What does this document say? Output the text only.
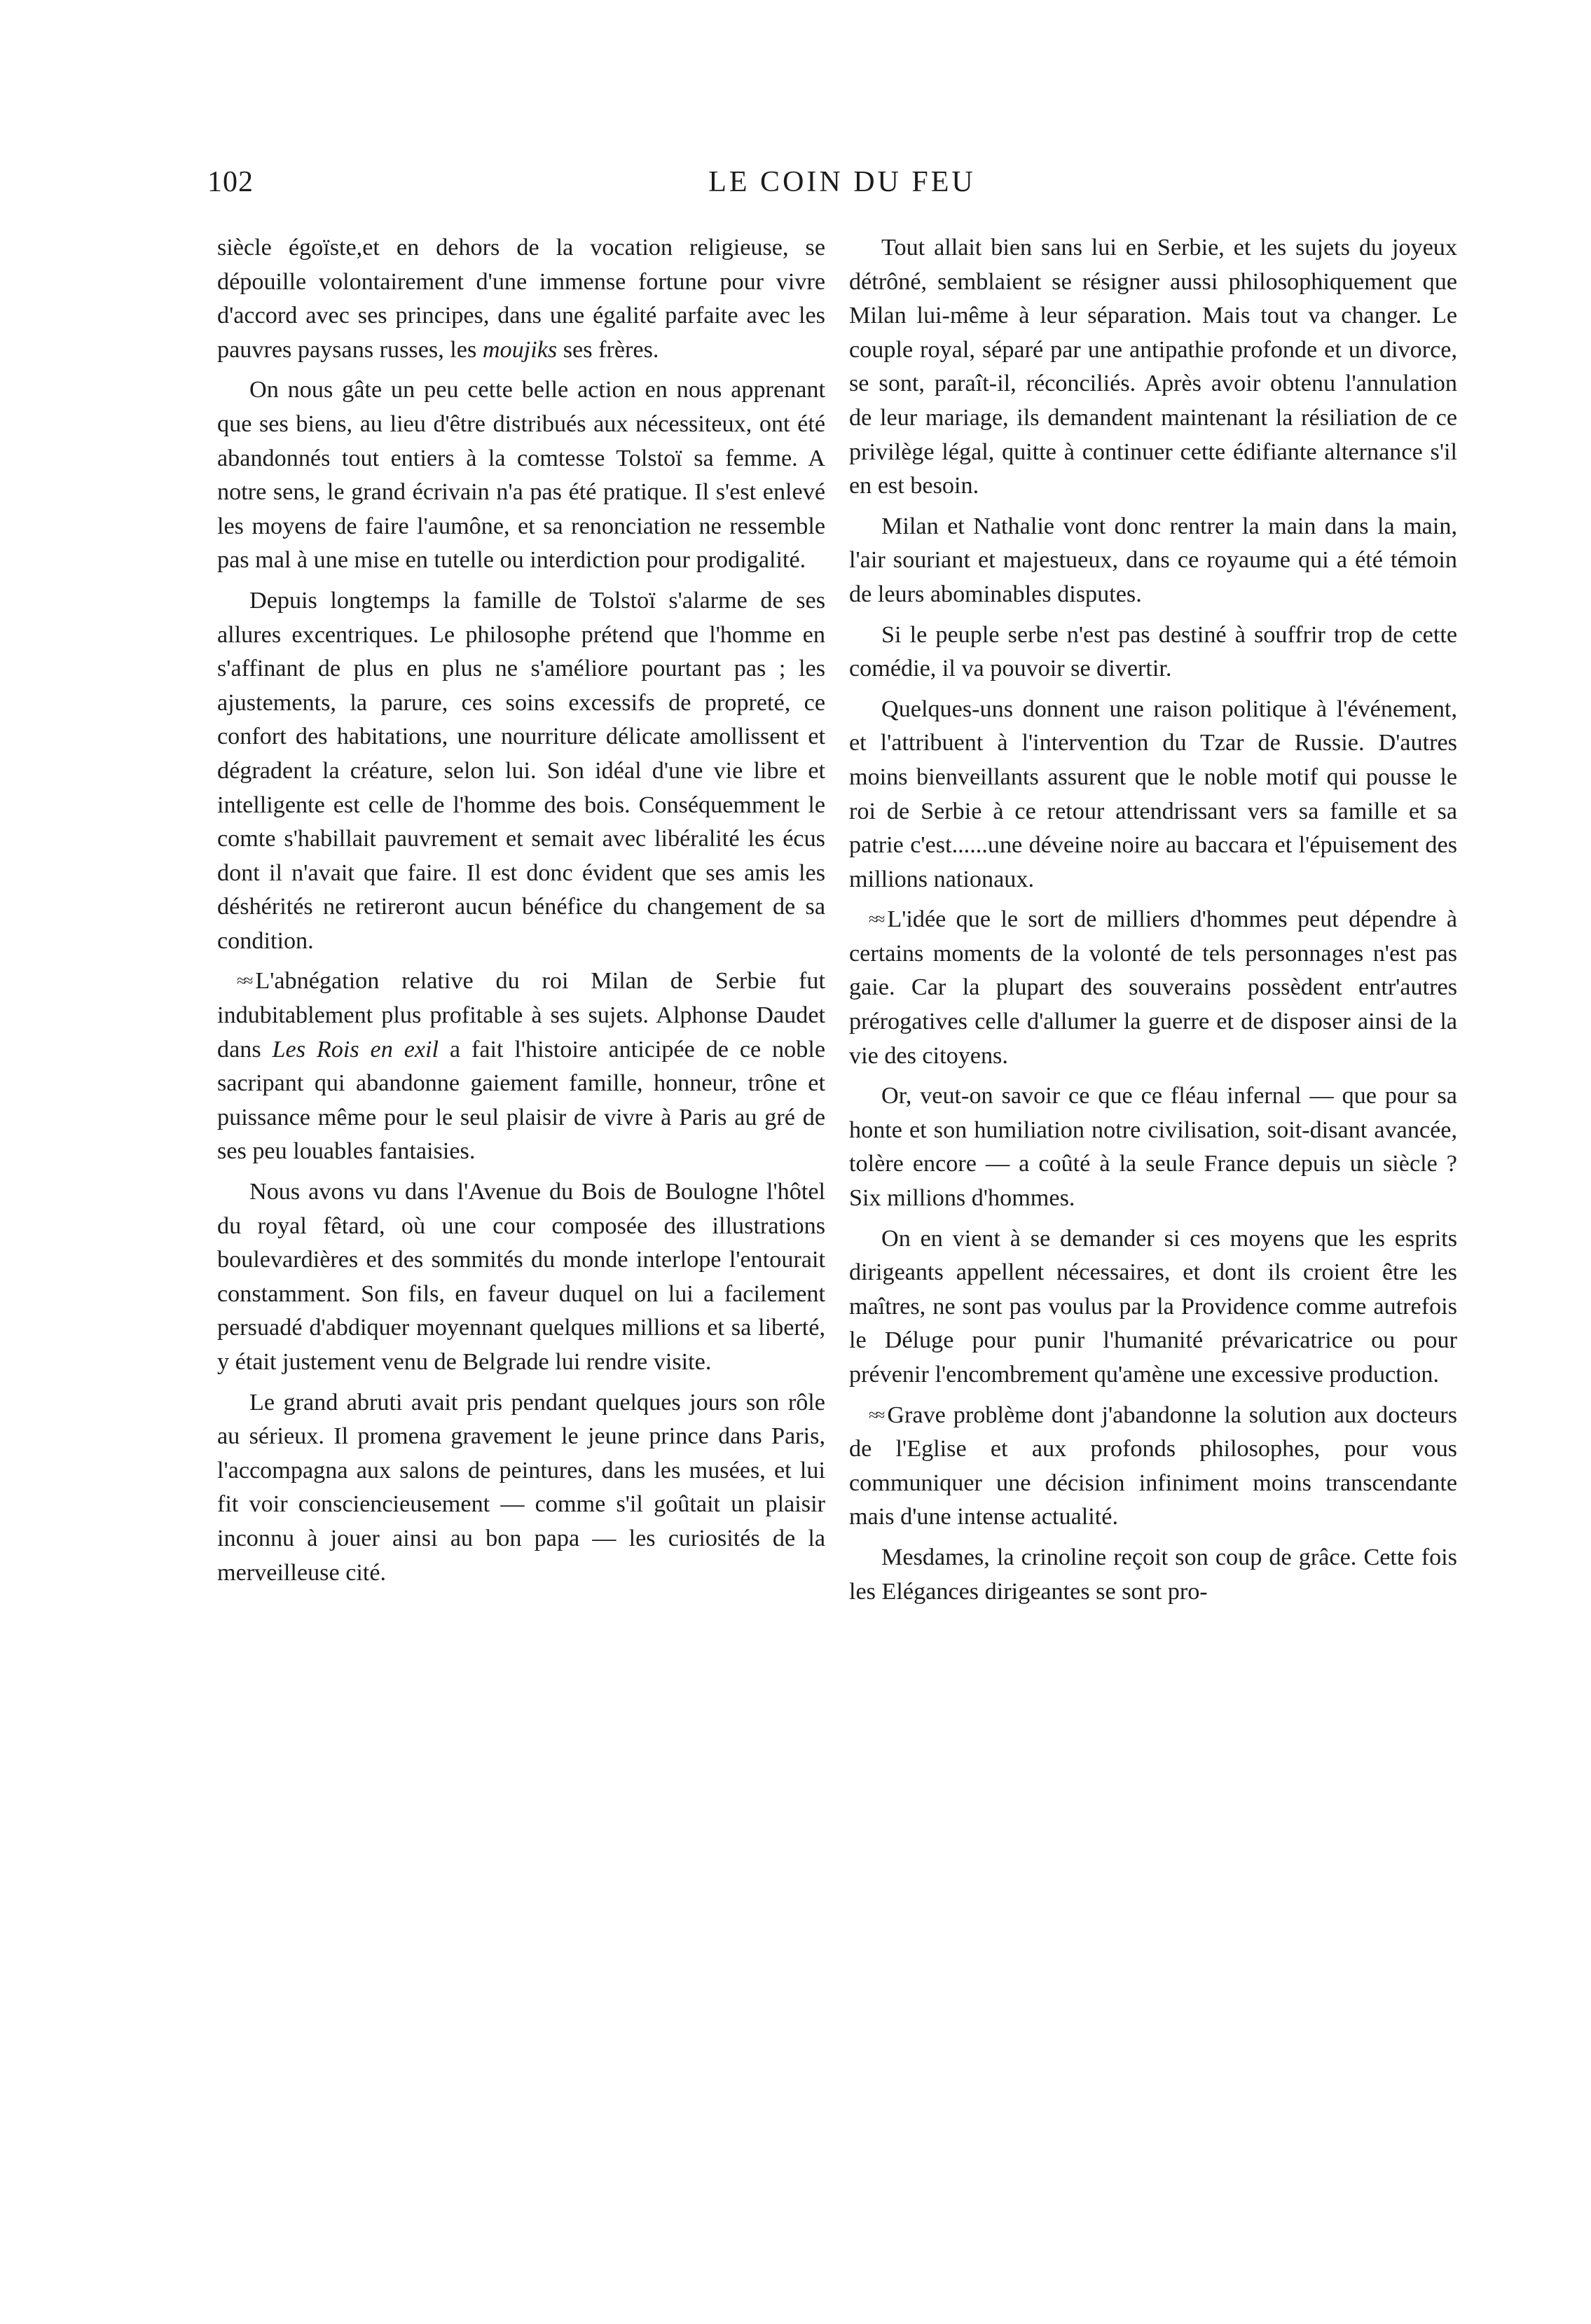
102	LE COIN DU FEU

siècle égoïste,et en dehors de la vocation religieuse, se dépouille volontairement d'une immense fortune pour vivre d'accord avec ses principes, dans une égalité parfaite avec les pauvres paysans russes, les moujiks ses frères.

On nous gâte un peu cette belle action en nous apprenant que ses biens, au lieu d'être distribués aux nécessiteux, ont été abandonnés tout entiers à la comtesse Tolstoï sa femme. A notre sens, le grand écrivain n'a pas été pratique. Il s'est enlevé les moyens de faire l'aumône, et sa renonciation ne ressemble pas mal à une mise en tutelle ou interdiction pour prodigalité.

Depuis longtemps la famille de Tolstoï s'alarme de ses allures excentriques. Le philosophe prétend que l'homme en s'affinant de plus en plus ne s'améliore pourtant pas ; les ajustements, la parure, ces soins excessifs de propreté, ce confort des habitations, une nourriture délicate amollissent et dégradent la créature, selon lui. Son idéal d'une vie libre et intelligente est celle de l'homme des bois. Conséquemment le comte s'habillait pauvrement et semait avec libéralité les écus dont il n'avait que faire. Il est donc évident que ses amis les déshérités ne retireront aucun bénéfice du changement de sa condition.

≈≈ L'abnégation relative du roi Milan de Serbie fut indubitablement plus profitable à ses sujets. Alphonse Daudet dans Les Rois en exil a fait l'histoire anticipée de ce noble sacripant qui abandonne gaiement famille, honneur, trône et puissance même pour le seul plaisir de vivre à Paris au gré de ses peu louables fantaisies.

Nous avons vu dans l'Avenue du Bois de Boulogne l'hôtel du royal fêtard, où une cour composée des illustrations boulevardières et des sommités du monde interlope l'entourait constamment. Son fils, en faveur duquel on lui a facilement persuadé d'abdiquer moyennant quelques millions et sa liberté, y était justement venu de Belgrade lui rendre visite.

Le grand abruti avait pris pendant quelques jours son rôle au sérieux. Il promena gravement le jeune prince dans Paris, l'accompagna aux salons de peintures, dans les musées, et lui fit voir consciencieusement — comme s'il goûtait un plaisir inconnu à jouer ainsi au bon papa — les curiosités de la merveilleuse cité.

Tout allait bien sans lui en Serbie, et les sujets du joyeux détrôné, semblaient se résigner aussi philosophiquement que Milan lui-même à leur séparation. Mais tout va changer. Le couple royal, séparé par une antipathie profonde et un divorce, se sont, paraît-il, réconciliés. Après avoir obtenu l'annulation de leur mariage, ils demandent maintenant la résiliation de ce privilège légal, quitte à continuer cette édifiante alternance s'il en est besoin.

Milan et Nathalie vont donc rentrer la main dans la main, l'air souriant et majestueux, dans ce royaume qui a été témoin de leurs abominables disputes.

Si le peuple serbe n'est pas destiné à souffrir trop de cette comédie, il va pouvoir se divertir.

Quelques-uns donnent une raison politique à l'événement, et l'attribuent à l'intervention du Tzar de Russie. D'autres moins bienveillants assurent que le noble motif qui pousse le roi de Serbie à ce retour attendrissant vers sa famille et sa patrie c'est......une déveine noire au baccara et l'épuisement des millions nationaux.

≈≈ L'idée que le sort de milliers d'hommes peut dépendre à certains moments de la volonté de tels personnages n'est pas gaie. Car la plupart des souverains possèdent entr'autres prérogatives celle d'allumer la guerre et de disposer ainsi de la vie des citoyens.

Or, veut-on savoir ce que ce fléau infernal — que pour sa honte et son humiliation notre civilisation, soit-disant avancée, tolère encore — a coûté à la seule France depuis un siècle ? Six millions d'hommes.

On en vient à se demander si ces moyens que les esprits dirigeants appellent nécessaires, et dont ils croient être les maîtres, ne sont pas voulus par la Providence comme autrefois le Déluge pour punir l'humanité prévaricatrice ou pour prévenir l'encombrement qu'amène une excessive production.

≈≈ Grave problème dont j'abandonne la solution aux docteurs de l'Eglise et aux profonds philosophes, pour vous communiquer une décision infiniment moins transcendante mais d'une intense actualité.

Mesdames, la crinoline reçoit son coup de grâce. Cette fois les Elégances dirigeantes se sont pro-
